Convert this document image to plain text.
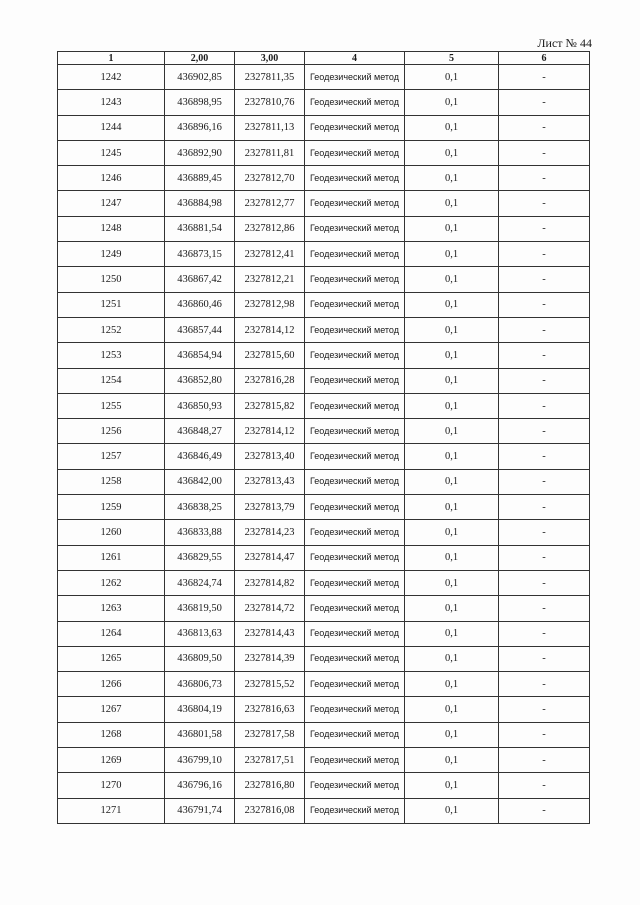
Лист № 44
1	2,00	3,00	4	5	6
1242	436902,85	2327811,35	Геодезический метод	0,1	-
1243	436898,95	2327810,76	Геодезический метод	0,1	-
1244	436896,16	2327811,13	Геодезический метод	0,1	-
1245	436892,90	2327811,81	Геодезический метод	0,1	-
1246	436889,45	2327812,70	Геодезический метод	0,1	-
1247	436884,98	2327812,77	Геодезический метод	0,1	-
1248	436881,54	2327812,86	Геодезический метод	0,1	-
1249	436873,15	2327812,41	Геодезический метод	0,1	-
1250	436867,42	2327812,21	Геодезический метод	0,1	-
1251	436860,46	2327812,98	Геодезический метод	0,1	-
1252	436857,44	2327814,12	Геодезический метод	0,1	-
1253	436854,94	2327815,60	Геодезический метод	0,1	-
1254	436852,80	2327816,28	Геодезический метод	0,1	-
1255	436850,93	2327815,82	Геодезический метод	0,1	-
1256	436848,27	2327814,12	Геодезический метод	0,1	-
1257	436846,49	2327813,40	Геодезический метод	0,1	-
1258	436842,00	2327813,43	Геодезический метод	0,1	-
1259	436838,25	2327813,79	Геодезический метод	0,1	-
1260	436833,88	2327814,23	Геодезический метод	0,1	-
1261	436829,55	2327814,47	Геодезический метод	0,1	-
1262	436824,74	2327814,82	Геодезический метод	0,1	-
1263	436819,50	2327814,72	Геодезический метод	0,1	-
1264	436813,63	2327814,43	Геодезический метод	0,1	-
1265	436809,50	2327814,39	Геодезический метод	0,1	-
1266	436806,73	2327815,52	Геодезический метод	0,1	-
1267	436804,19	2327816,63	Геодезический метод	0,1	-
1268	436801,58	2327817,58	Геодезический метод	0,1	-
1269	436799,10	2327817,51	Геодезический метод	0,1	-
1270	436796,16	2327816,80	Геодезический метод	0,1	-
1271	436791,74	2327816,08	Геодезический метод	0,1	-
